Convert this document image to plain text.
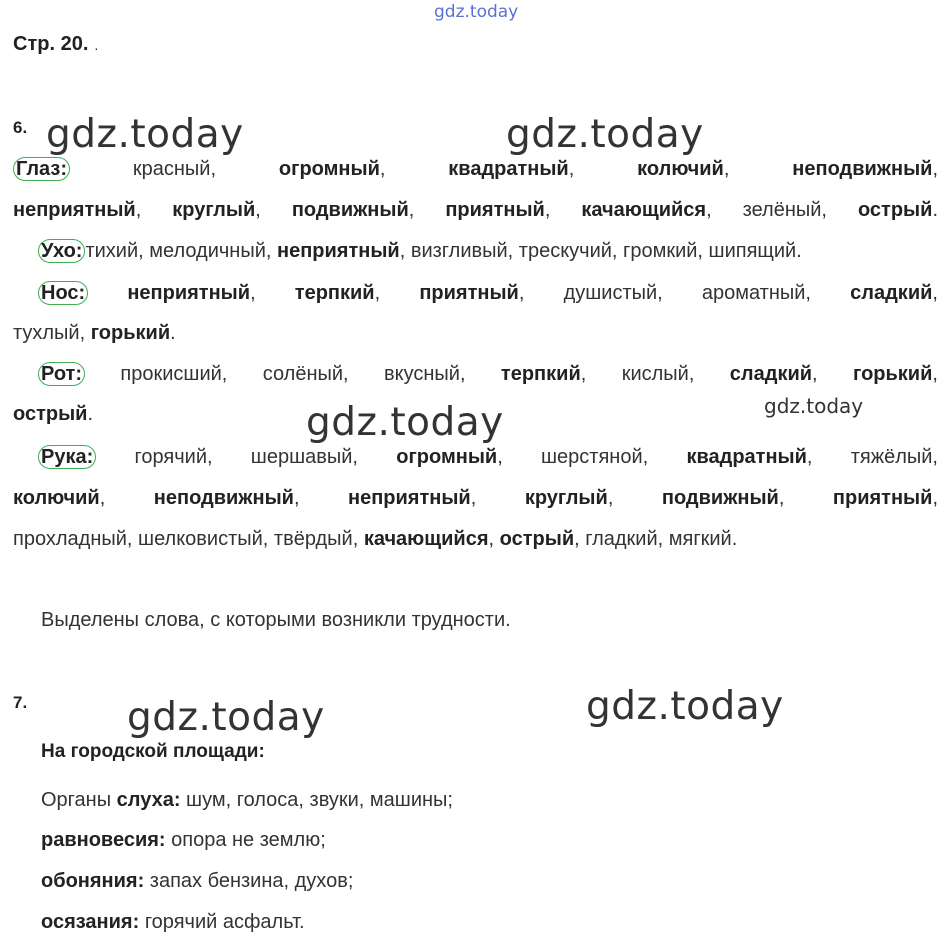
gdz.today
gdz.today	gdz.today
gdz.today	gdz.today
gdz.today	gdz.today
Стр. 20. .
6.
Глаз:	красный,	огромный,	квадратный,	колючий,	неподвижный,
неприятный, круглый, подвижный, приятный, качающийся, зелёный, острый.
Ухо: тихий, мелодичный, неприятный, визгливый, трескучий, громкий, шипящий.
Нос: неприятный, терпкий, приятный, душистый, ароматный, сладкий,
тухлый, горький.
Рот: прокисший, солёный, вкусный, терпкий, кислый, сладкий, горький,
острый.
Рука: горячий, шершавый, огромный, шерстяной, квадратный, тяжёлый,
колючий, неподвижный, неприятный, круглый, подвижный, приятный,
прохладный, шелковистый, твёрдый, качающийся, острый, гладкий, мягкий.
Выделены слова, с которыми возникли трудности.
7.
На городской площади:
Органы слуха: шум, голоса, звуки, машины;
равновесия: опора не землю;
обоняния: запах бензина, духов;
осязания: горячий асфальт.
